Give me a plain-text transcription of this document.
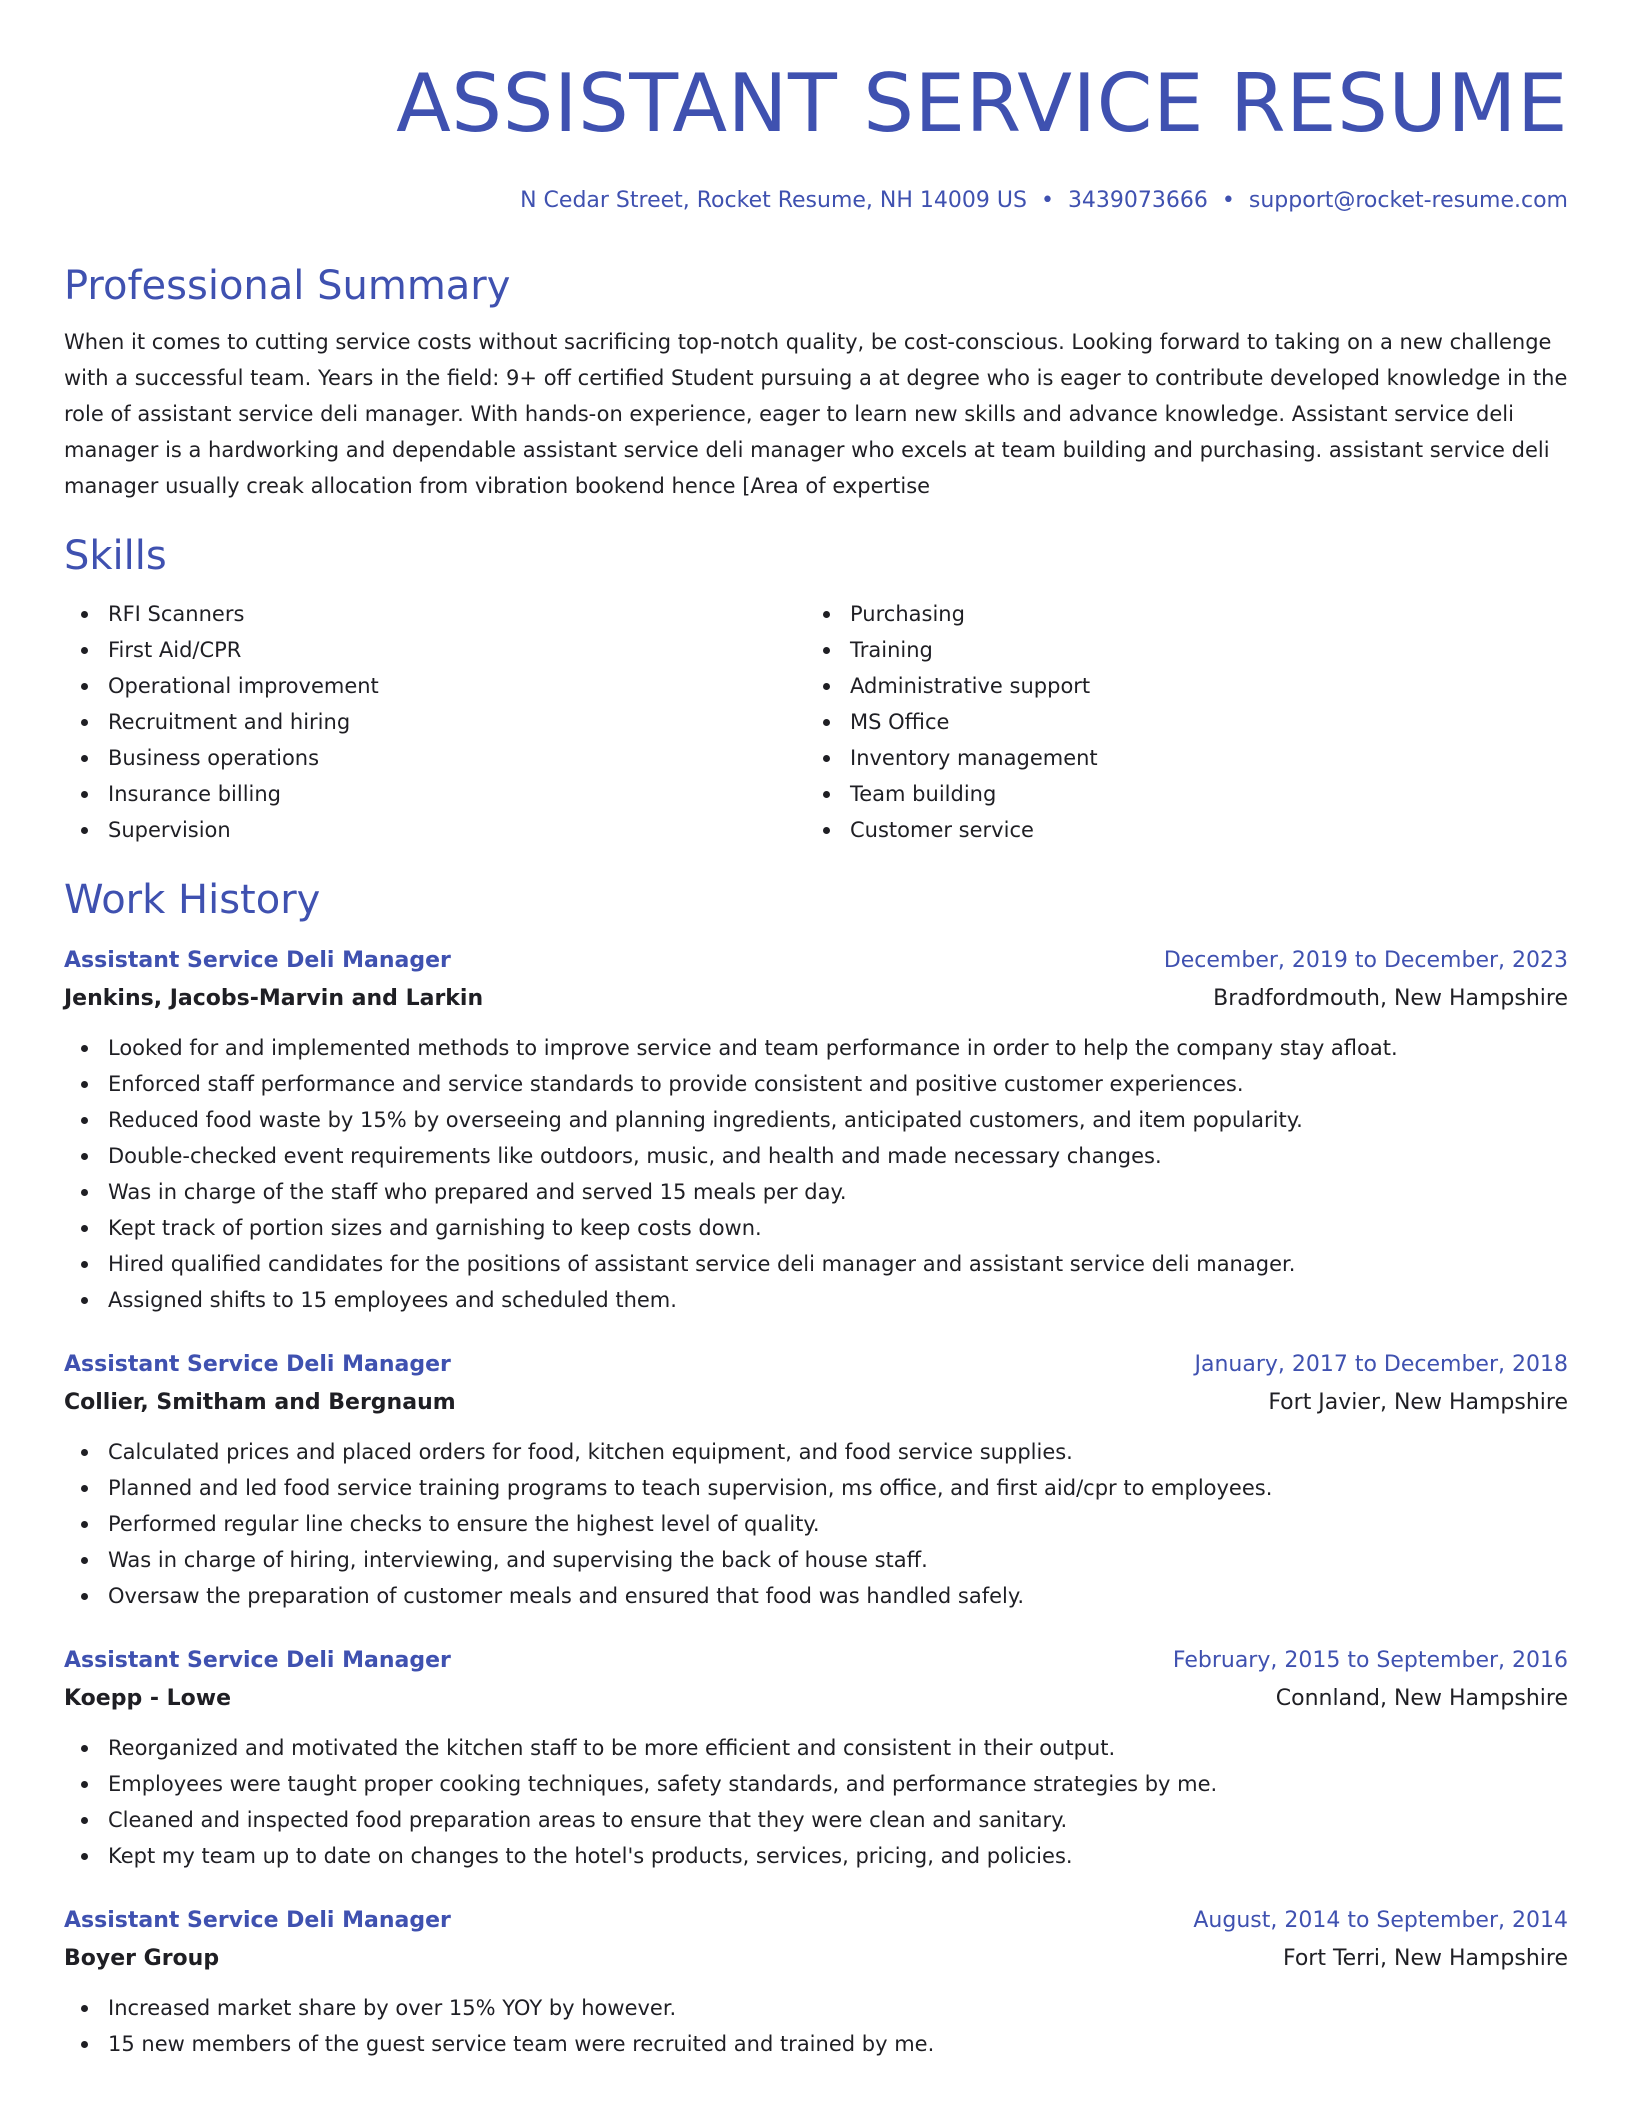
ASSISTANT SERVICE RESUME
N Cedar Street, Rocket Resume, NH 14009 US • 3439073666 • support@rocket-resume.com
Professional Summary
When it comes to cutting service costs without sacrificing top-notch quality, be cost-conscious. Looking forward to taking on a new challenge with a successful team. Years in the field: 9+ off certified Student pursuing a at degree who is eager to contribute developed knowledge in the role of assistant service deli manager. With hands-on experience, eager to learn new skills and advance knowledge. Assistant service deli manager is a hardworking and dependable assistant service deli manager who excels at team building and purchasing. assistant service deli manager usually creak allocation from vibration bookend hence [Area of expertise
Skills
RFI Scanners
First Aid/CPR
Operational improvement
Recruitment and hiring
Business operations
Insurance billing
Supervision
Purchasing
Training
Administrative support
MS Office
Inventory management
Team building
Customer service
Work History
Assistant Service Deli Manager	December, 2019 to December, 2023
Jenkins, Jacobs-Marvin and Larkin	Bradfordmouth, New Hampshire
Looked for and implemented methods to improve service and team performance in order to help the company stay afloat.
Enforced staff performance and service standards to provide consistent and positive customer experiences.
Reduced food waste by 15% by overseeing and planning ingredients, anticipated customers, and item popularity.
Double-checked event requirements like outdoors, music, and health and made necessary changes.
Was in charge of the staff who prepared and served 15 meals per day.
Kept track of portion sizes and garnishing to keep costs down.
Hired qualified candidates for the positions of assistant service deli manager and assistant service deli manager.
Assigned shifts to 15 employees and scheduled them.
Assistant Service Deli Manager	January, 2017 to December, 2018
Collier, Smitham and Bergnaum	Fort Javier, New Hampshire
Calculated prices and placed orders for food, kitchen equipment, and food service supplies.
Planned and led food service training programs to teach supervision, ms office, and first aid/cpr to employees.
Performed regular line checks to ensure the highest level of quality.
Was in charge of hiring, interviewing, and supervising the back of house staff.
Oversaw the preparation of customer meals and ensured that food was handled safely.
Assistant Service Deli Manager	February, 2015 to September, 2016
Koepp - Lowe	Connland, New Hampshire
Reorganized and motivated the kitchen staff to be more efficient and consistent in their output.
Employees were taught proper cooking techniques, safety standards, and performance strategies by me.
Cleaned and inspected food preparation areas to ensure that they were clean and sanitary.
Kept my team up to date on changes to the hotel's products, services, pricing, and policies.
Assistant Service Deli Manager	August, 2014 to September, 2014
Boyer Group	Fort Terri, New Hampshire
Increased market share by over 15% YOY by however.
15 new members of the guest service team were recruited and trained by me.
